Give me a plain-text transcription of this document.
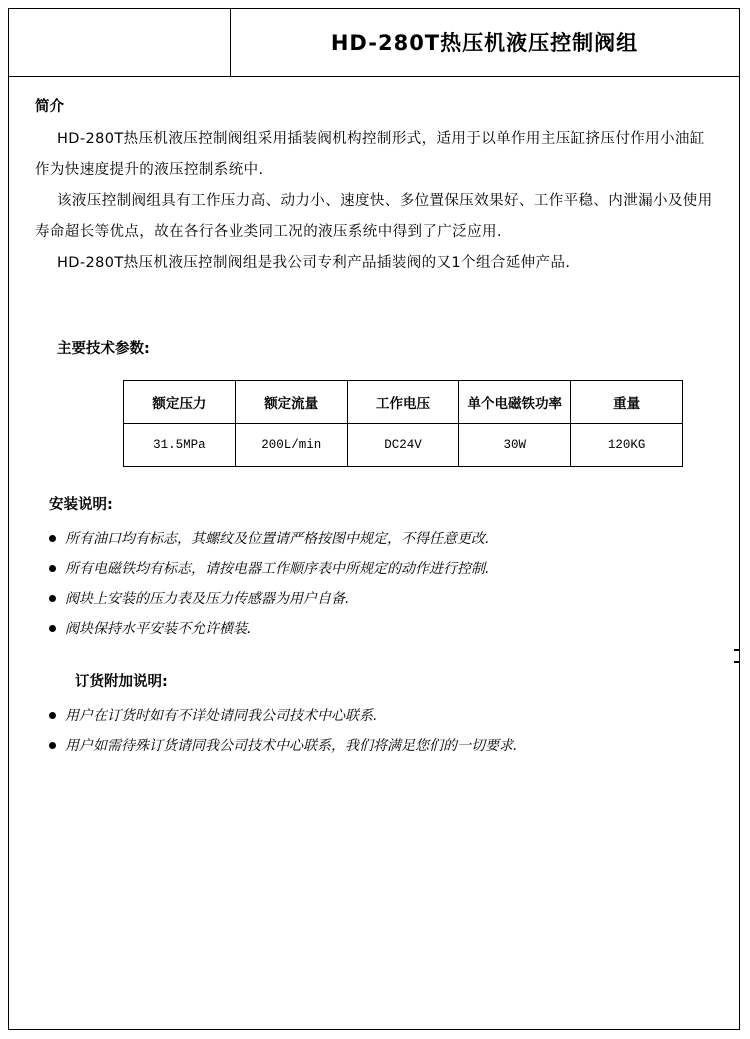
HD-280T热压机液压控制阀组
简介

HD-280T热压机液压控制阀组采用插装阀机构控制形式，适用于以单作用主压缸挤压付作用小油缸作为快速度提升的液压控制系统中.

该液压控制阀组具有工作压力高、动力小、速度快、多位置保压效果好、工作平稳、内泄漏小及使用寿命超长等优点，故在各行各业类同工况的液压系统中得到了广泛应用.

HD-280T热压机液压控制阀组是我公司专利产品插装阀的又1个组合延伸产品.

主要技术参数:
额定压力	额定流量	工作电压	单个电磁铁功率	重量
31.5MPa	200L/min	DC24V	30W	120KG
安装说明:
所有油口均有标志，其螺纹及位置请严格按图中规定，不得任意更改.
所有电磁铁均有标志，请按电器工作顺序表中所规定的动作进行控制.
阀块上安装的压力表及压力传感器为用户自备.
阀块保持水平安装不允许横装.
订货附加说明:
用户在订货时如有不详处请同我公司技术中心联系.
用户如需待殊订货请同我公司技术中心联系，我们将满足您们的一切要求.
